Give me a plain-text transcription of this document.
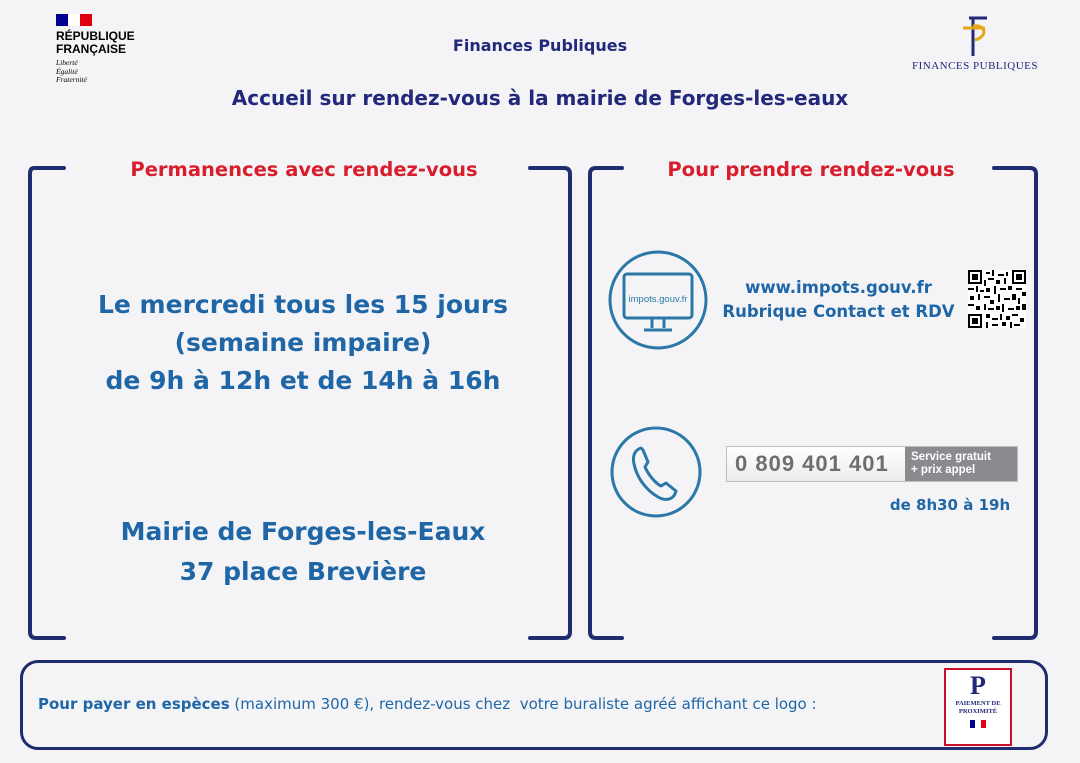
RÉPUBLIQUE
FRANÇAISE
Liberté
Égalité
Fraternité
Finances Publiques
Accueil sur rendez-vous à la mairie de Forges-les-eaux
FINANCES PUBLIQUES
Permanences avec rendez-vous
Le mercredi tous les 15 jours
(semaine impaire)
de 9h à 12h et de 14h à 16h
Mairie de Forges-les-Eaux
37 place Brevière
Pour prendre rendez-vous
impots.gouv.fr
www.impots.gouv.fr
Rubrique Contact et RDV
0 809 401 401 Service gratuit
+ prix appel
de 8h30 à 19h
Pour payer en espèces (maximum 300 €), rendez-vous chez  votre buraliste agréé affichant ce logo :
P
PAIEMENT DE
PROXIMITÉ
